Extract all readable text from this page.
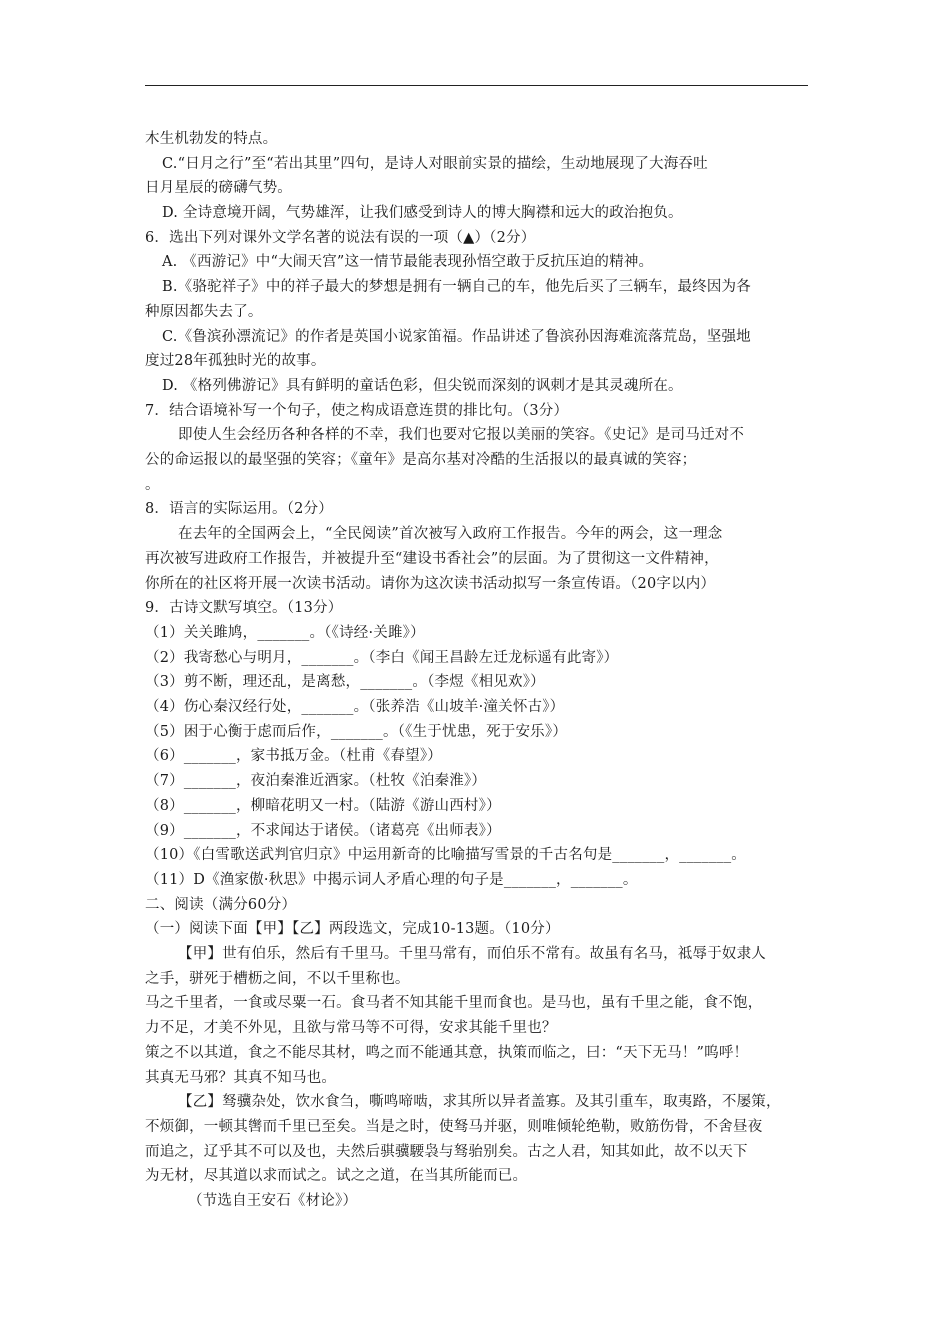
木生机勃发的特点。
C.“日月之行”至“若出其里”四句，是诗人对眼前实景的描绘，生动地展现了大海吞吐
日月星辰的磅礴气势。
D. 全诗意境开阔，气势雄浑，让我们感受到诗人的博大胸襟和远大的政治抱负。
6．选出下列对课外文学名著的说法有误的一项（▲）（2分）
A. 《西游记》中“大闹天宫”这一情节最能表现孙悟空敢于反抗压迫的精神。
B.《骆驼祥子》中的祥子最大的梦想是拥有一辆自己的车，他先后买了三辆车，最终因为各
种原因都失去了。
C.《鲁滨孙漂流记》的作者是英国小说家笛福。作品讲述了鲁滨孙因海难流落荒岛，坚强地
度过28年孤独时光的故事。
D. 《格列佛游记》具有鲜明的童话色彩，但尖锐而深刻的讽刺才是其灵魂所在。
7．结合语境补写一个句子，使之构成语意连贯的排比句。（3分）
即使人生会经历各种各样的不幸，我们也要对它报以美丽的笑容。《史记》是司马迁对不
公的命运报以的最坚强的笑容；《童年》是高尔基对冷酷的生活报以的最真诚的笑容；
。
8．语言的实际运用。（2分）
在去年的全国两会上，“全民阅读”首次被写入政府工作报告。今年的两会，这一理念
再次被写进政府工作报告，并被提升至“建设书香社会”的层面。为了贯彻这一文件精神，
你所在的社区将开展一次读书活动。请你为这次读书活动拟写一条宣传语。（20字以内）
9．古诗文默写填空。（13分）
（1）关关雎鸠，_______。（《诗经·关雎》）
（2）我寄愁心与明月，_______。（李白《闻王昌龄左迁龙标遥有此寄》）
（3）剪不断，理还乱，是离愁，_______。（李煜《相见欢》）
（4）伤心秦汉经行处，_______。（张养浩《山坡羊·潼关怀古》）
（5）困于心衡于虑而后作，_______。（《生于忧患，死于安乐》）
（6）_______，家书抵万金。（杜甫《春望》）
（7）_______，夜泊秦淮近酒家。（杜牧《泊秦淮》）
（8）_______，柳暗花明又一村。（陆游《游山西村》）
（9）_______，不求闻达于诸侯。（诸葛亮《出师表》）
（10）《白雪歌送武判官归京》中运用新奇的比喻描写雪景的千古名句是_______，_______。
（11）D《渔家傲·秋思》中揭示词人矛盾心理的句子是_______，_______。
二、阅读（满分60分）
（一）阅读下面【甲】【乙】两段选文，完成10-13题。（10分）
【甲】世有伯乐，然后有千里马。千里马常有，而伯乐不常有。故虽有名马，祗辱于奴隶人
之手，骈死于槽枥之间，不以千里称也。
马之千里者，一食或尽粟一石。食马者不知其能千里而食也。是马也，虽有千里之能，食不饱，
力不足，才美不外见，且欲与常马等不可得，安求其能千里也？
策之不以其道，食之不能尽其材，鸣之而不能通其意，执策而临之，曰：“天下无马！”呜呼！
其真无马邪？其真不知马也。
【乙】驽骥杂处，饮水食刍，嘶鸣啼啮，求其所以异者盖寡。及其引重车，取夷路，不屡策，
不烦御，一顿其辔而千里已至矣。当是之时，使驽马并驱，则唯倾轮绝勒，败筋伤骨，不舍昼夜
而追之，辽乎其不可以及也，夫然后骐骥騕袅与驽骀别矣。古之人君，知其如此，故不以天下
为无材，尽其道以求而试之。试之之道，在当其所能而已。
（节选自王安石《材论》）
